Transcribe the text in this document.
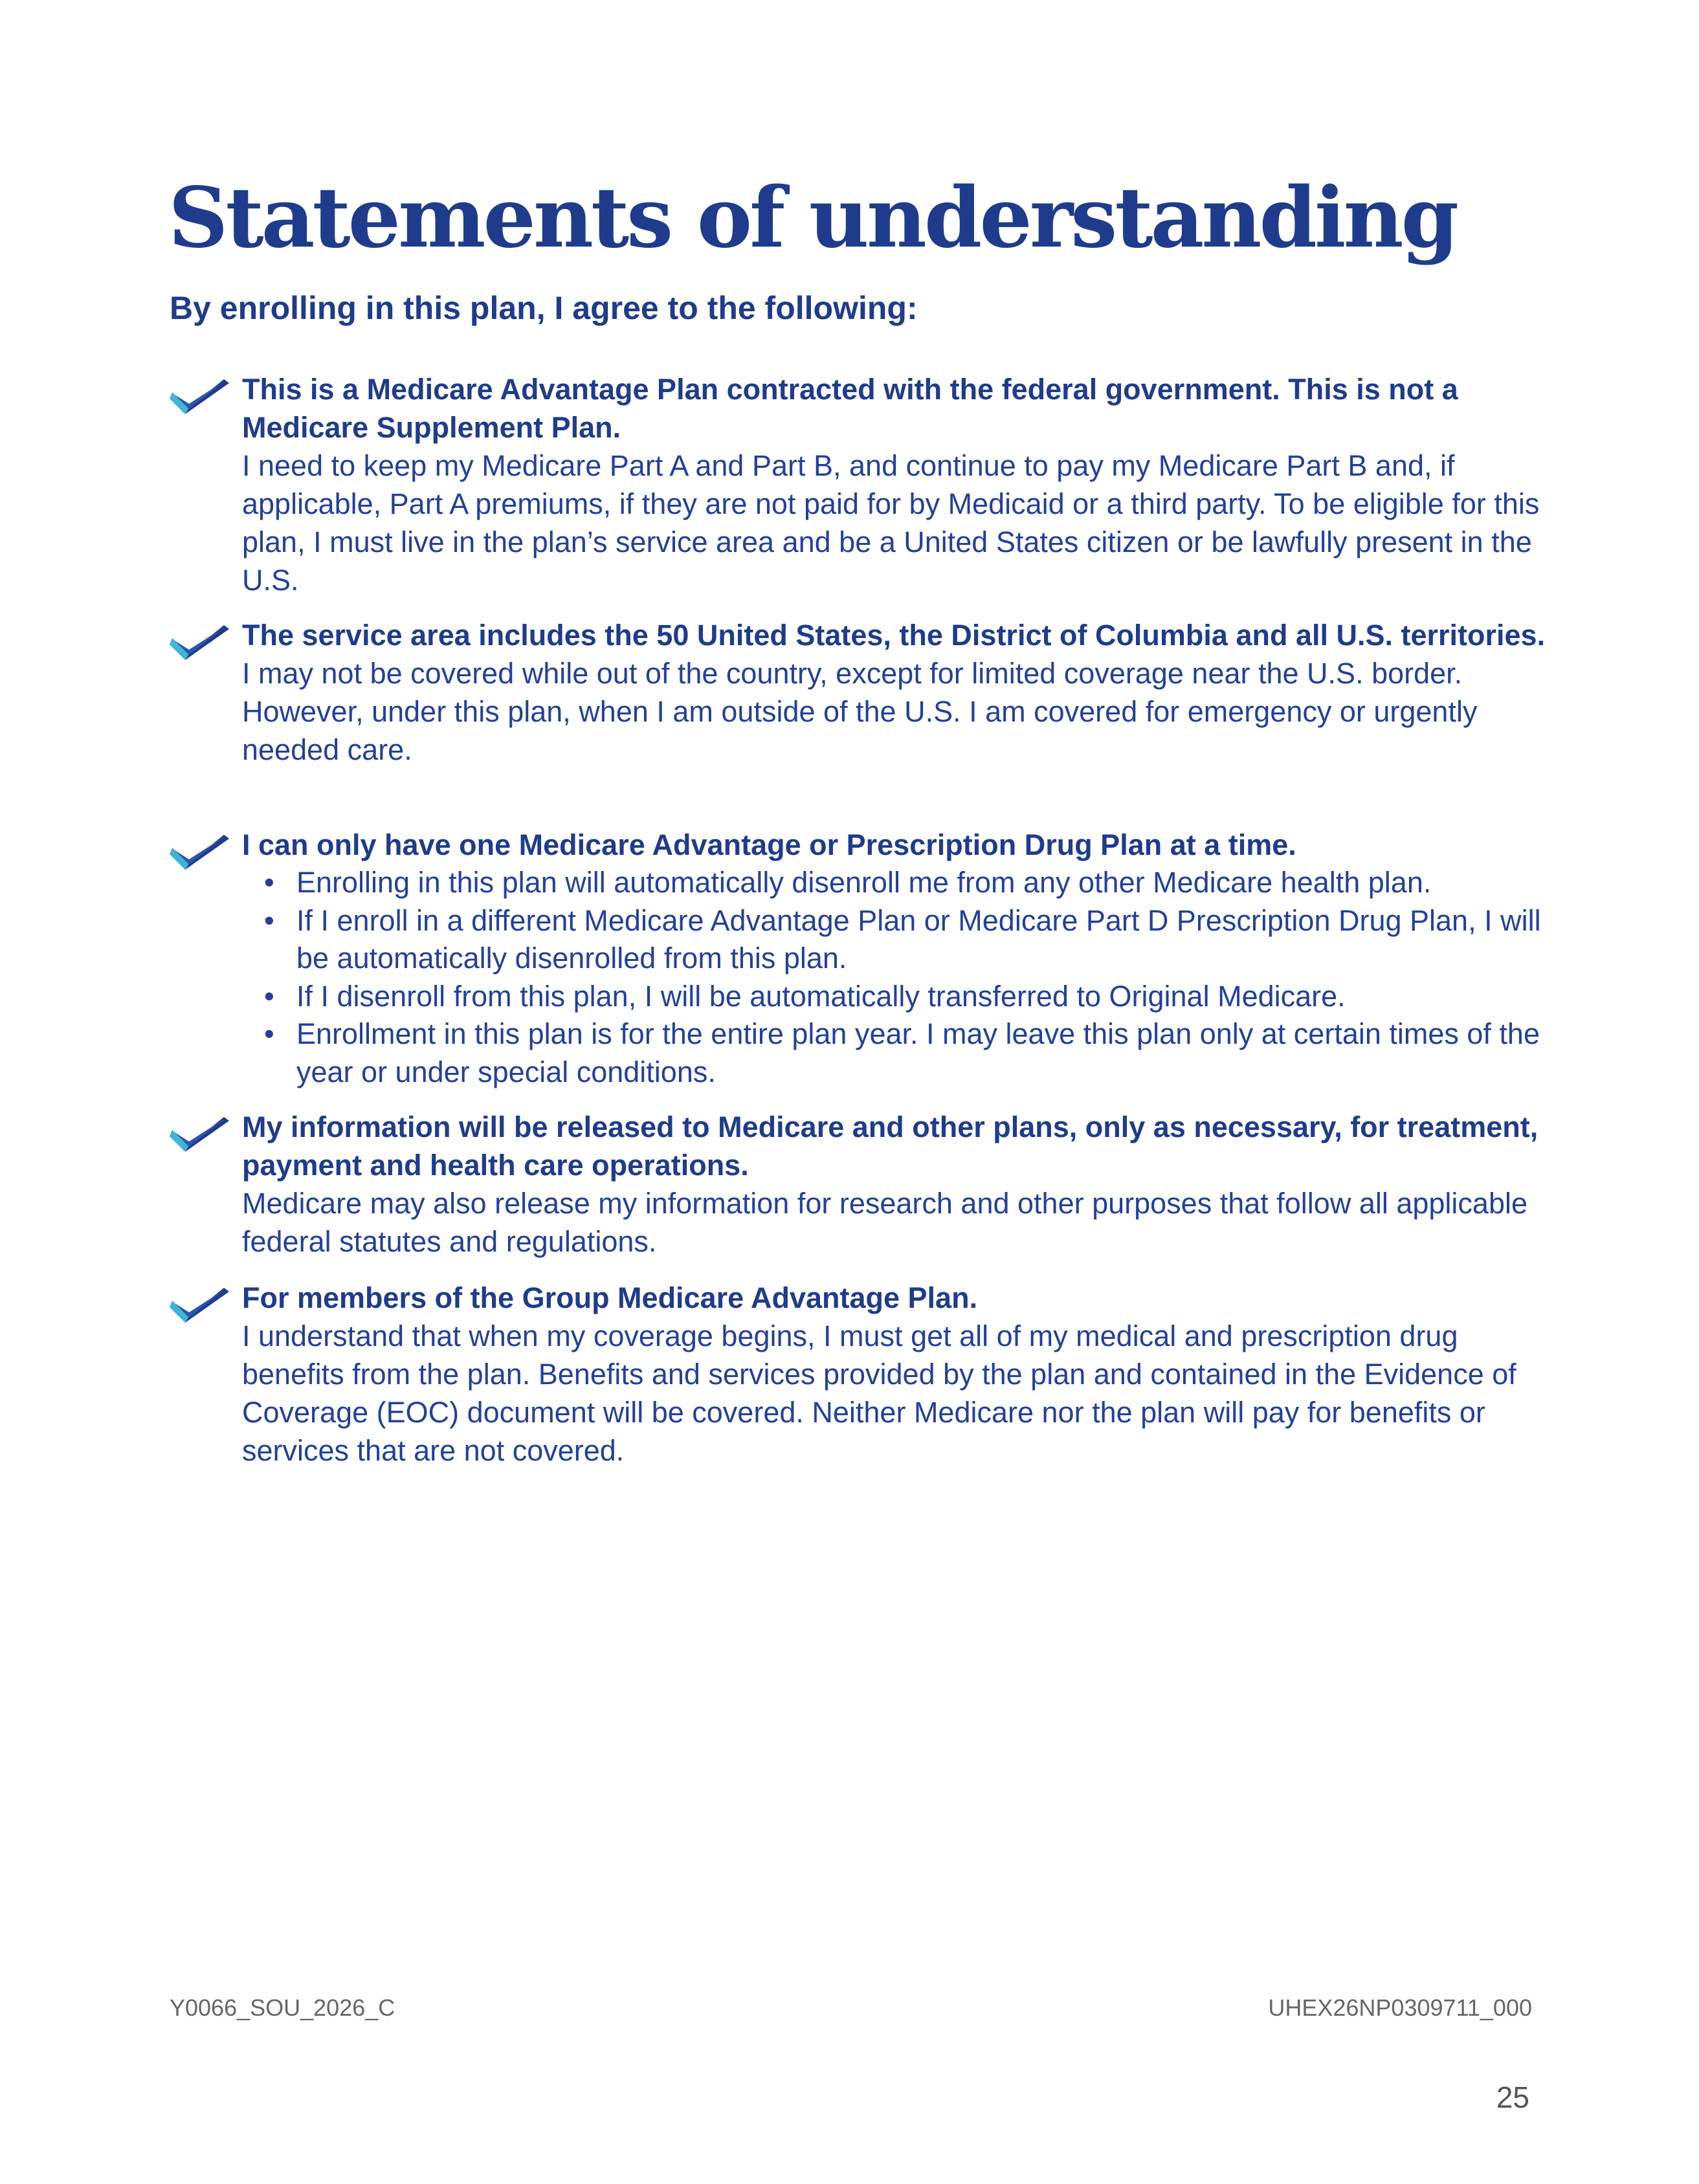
Statements of understanding

By enrolling in this plan, I agree to the following:

This is a Medicare Advantage Plan contracted with the federal government. This is not a Medicare Supplement Plan.

I need to keep my Medicare Part A and Part B, and continue to pay my Medicare Part B and, if applicable, Part A premiums, if they are not paid for by Medicaid or a third party. To be eligible for this plan, I must live in the plan’s service area and be a United States citizen or be lawfully present in the U.S.

The service area includes the 50 United States, the District of Columbia and all U.S. territories.

I may not be covered while out of the country, except for limited coverage near the U.S. border. However, under this plan, when I am outside of the U.S. I am covered for emergency or urgently needed care.

I can only have one Medicare Advantage or Prescription Drug Plan at a time.

• Enrolling in this plan will automatically disenroll me from any other Medicare health plan.
• If I enroll in a different Medicare Advantage Plan or Medicare Part D Prescription Drug Plan, I will be automatically disenrolled from this plan.
• If I disenroll from this plan, I will be automatically transferred to Original Medicare.
• Enrollment in this plan is for the entire plan year. I may leave this plan only at certain times of the year or under special conditions.

My information will be released to Medicare and other plans, only as necessary, for treatment, payment and health care operations.

Medicare may also release my information for research and other purposes that follow all applicable federal statutes and regulations.

For members of the Group Medicare Advantage Plan.

I understand that when my coverage begins, I must get all of my medical and prescription drug benefits from the plan. Benefits and services provided by the plan and contained in the Evidence of Coverage (EOC) document will be covered. Neither Medicare nor the plan will pay for benefits or services that are not covered.

Y0066_SOU_2026_C	UHEX26NP0309711_000
25
